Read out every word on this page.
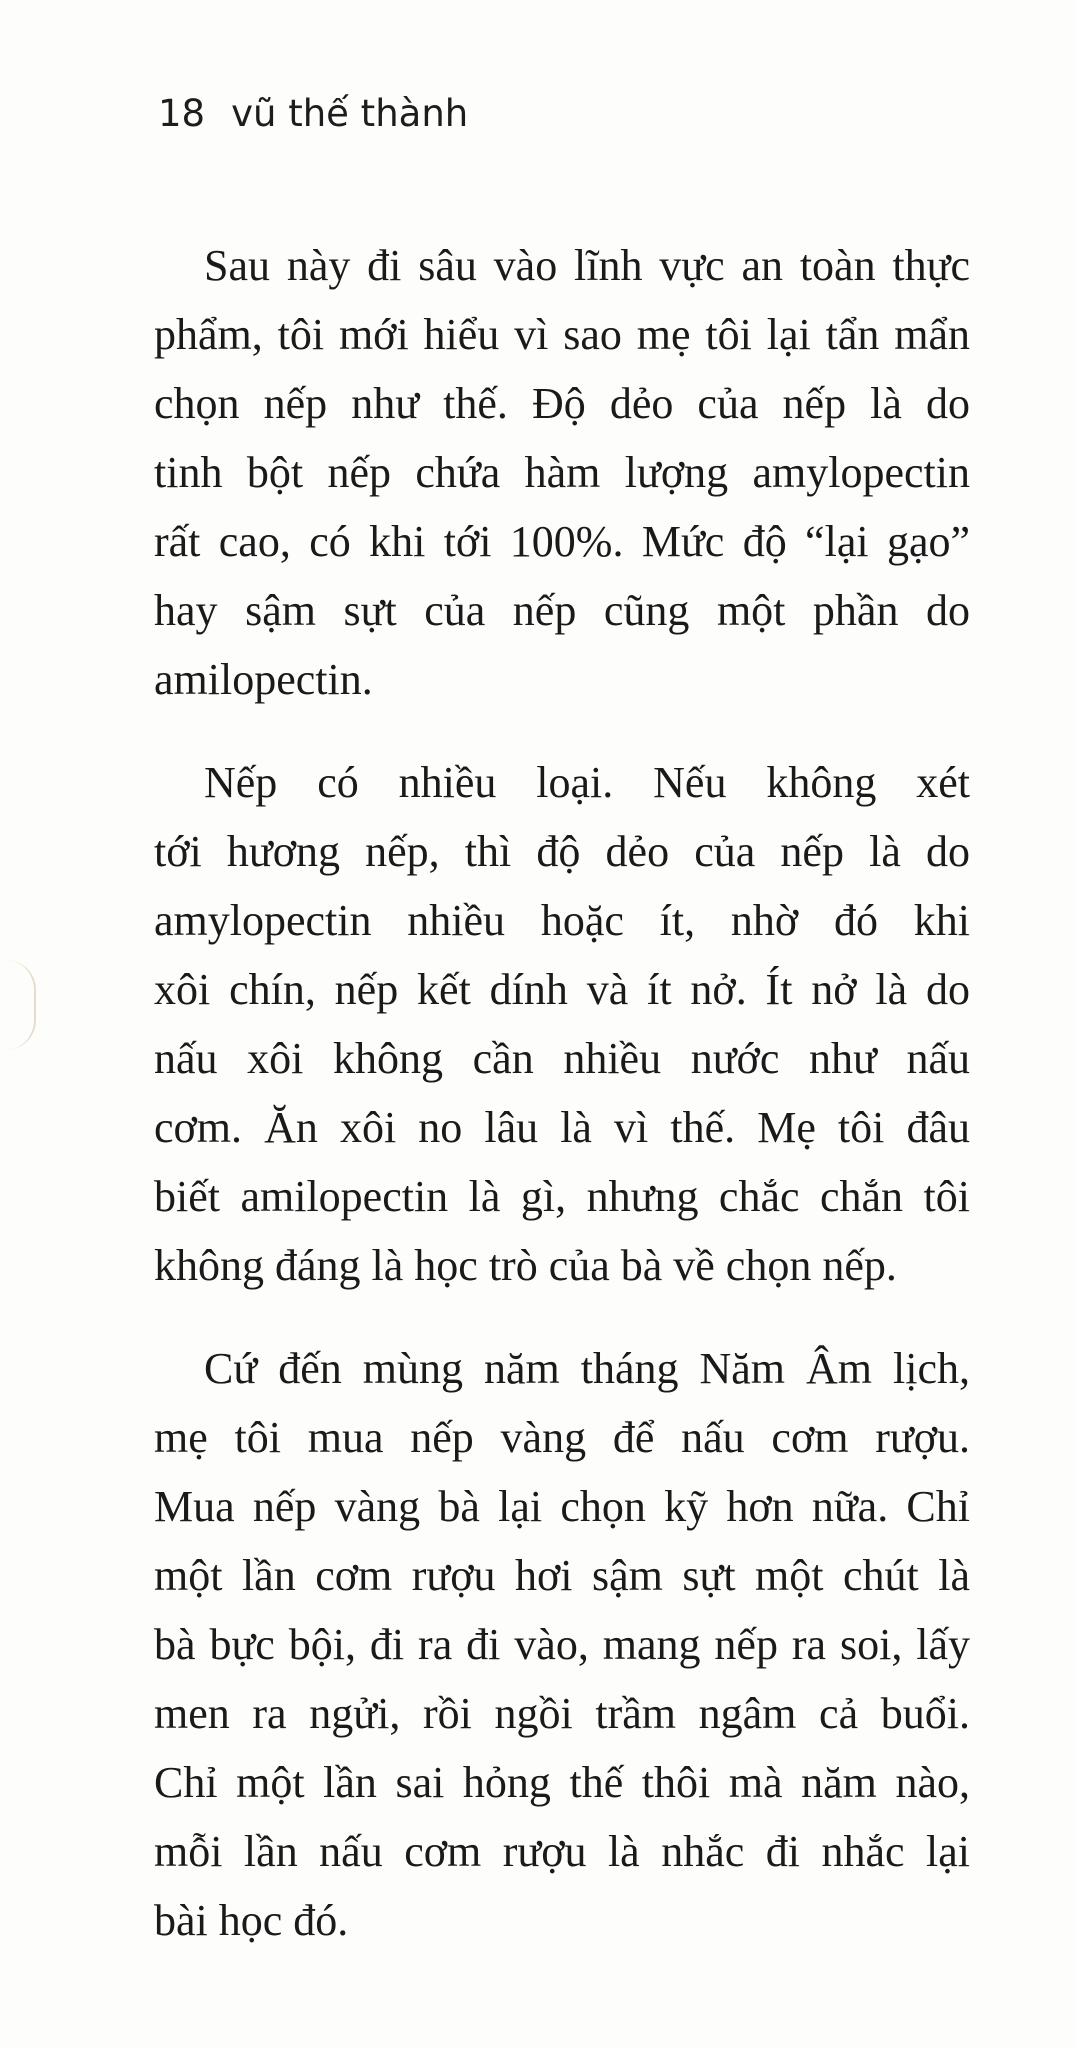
18 vũ thế thành

Sau này đi sâu vào lĩnh vực an toàn thực
phẩm, tôi mới hiểu vì sao mẹ tôi lại tẩn mẩn
chọn nếp như thế. Độ dẻo của nếp là do
tinh bột nếp chứa hàm lượng amylopectin
rất cao, có khi tới 100%. Mức độ “lại gạo”
hay sậm sựt của nếp cũng một phần do
amilopectin.

Nếp có nhiều loại. Nếu không xét
tới hương nếp, thì độ dẻo của nếp là do
amylopectin nhiều hoặc ít, nhờ đó khi
xôi chín, nếp kết dính và ít nở. Ít nở là do
nấu xôi không cần nhiều nước như nấu
cơm. Ăn xôi no lâu là vì thế. Mẹ tôi đâu
biết amilopectin là gì, nhưng chắc chắn tôi
không đáng là học trò của bà về chọn nếp.

Cứ đến mùng năm tháng Năm Âm lịch,
mẹ tôi mua nếp vàng để nấu cơm rượu.
Mua nếp vàng bà lại chọn kỹ hơn nữa. Chỉ
một lần cơm rượu hơi sậm sựt một chút là
bà bực bội, đi ra đi vào, mang nếp ra soi, lấy
men ra ngửi, rồi ngồi trầm ngâm cả buổi.
Chỉ một lần sai hỏng thế thôi mà năm nào,
mỗi lần nấu cơm rượu là nhắc đi nhắc lại
bài học đó.
